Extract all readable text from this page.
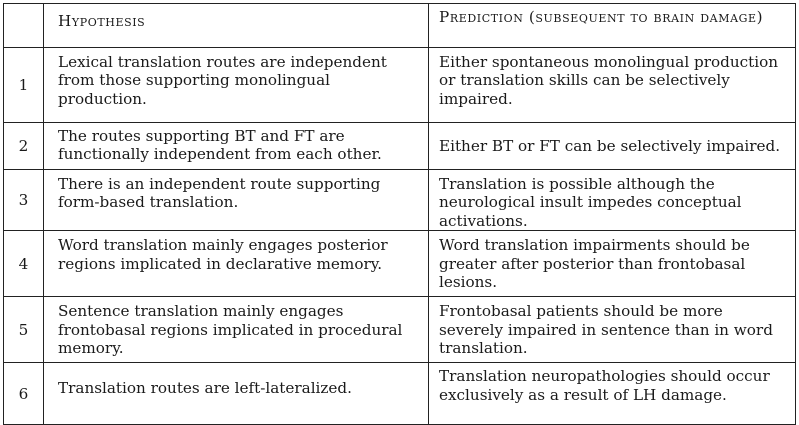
	Hypothesis	Prediction (subsequent to brain damage)
1	Lexical translation routes are independent from those supporting monolingual production.	Either spontaneous monolingual production or translation skills can be selectively impaired.
2	The routes supporting BT and FT are functionally independent from each other.	Either BT or FT can be selectively impaired.
3	There is an independent route supporting form-based translation.	Translation is possible although the neurological insult impedes conceptual activations.
4	Word translation mainly engages posterior regions implicated in declarative memory.	Word translation impairments should be greater after posterior than frontobasal lesions.
5	Sentence translation mainly engages frontobasal regions implicated in procedural memory.	Frontobasal patients should be more severely impaired in sentence than in word translation.
6	Translation routes are left-lateralized.	Translation neuropathologies should occur exclusively as a result of LH damage.
